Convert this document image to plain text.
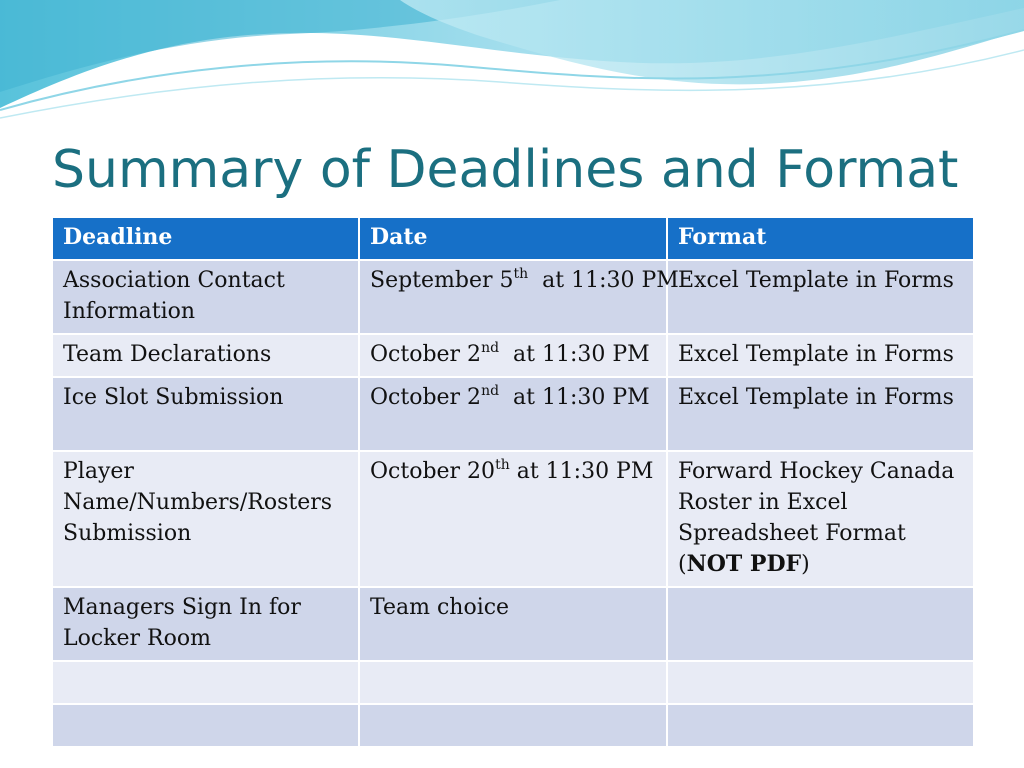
Summary of Deadlines and Format
Deadline	Date	Format
Association Contact Information	September 5th  at 11:30 PM	Excel Template in Forms
Team Declarations	October 2nd  at 11:30 PM	Excel Template in Forms
Ice Slot Submission	October 2nd  at 11:30 PM	Excel Template in Forms
Player Name/Numbers/Rosters Submission	October 20th at 11:30 PM	Forward Hockey Canada Roster in Excel Spreadsheet Format (NOT PDF)
Managers Sign In for Locker Room	Team choice	
